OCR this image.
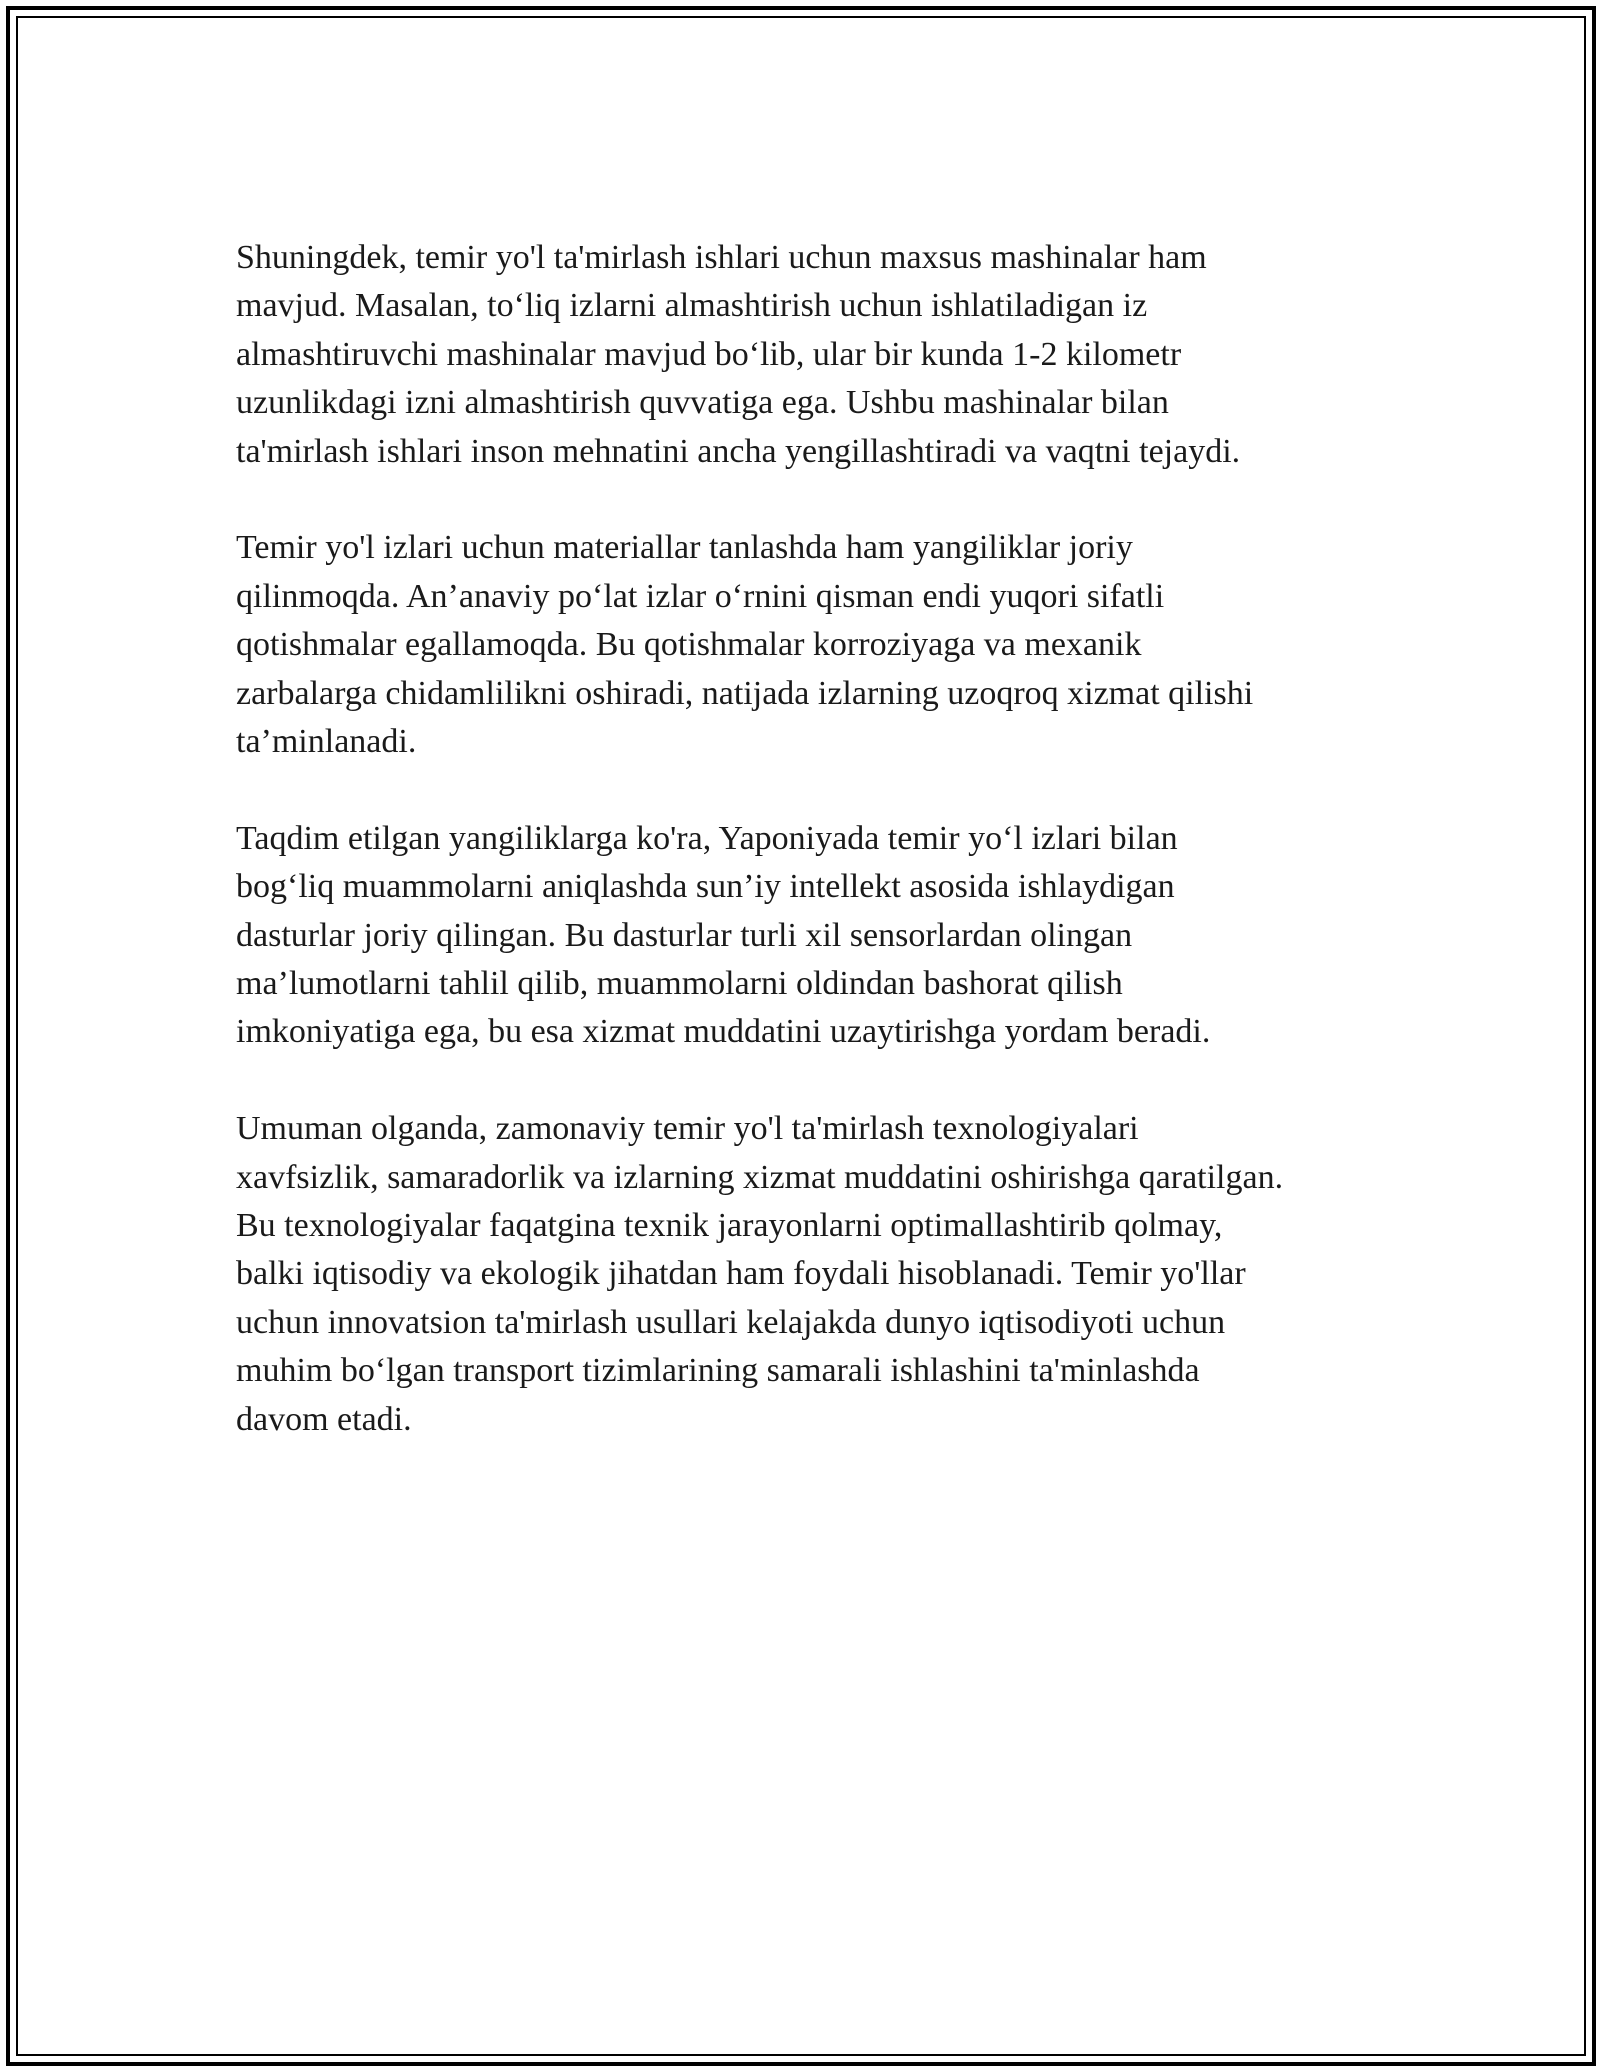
Shuningdek, temir yo'l ta'mirlash ishlari uchun maxsus mashinalar ham
mavjud. Masalan, to‘liq izlarni almashtirish uchun ishlatiladigan iz
almashtiruvchi mashinalar mavjud bo‘lib, ular bir kunda 1-2 kilometr
uzunlikdagi izni almashtirish quvvatiga ega. Ushbu mashinalar bilan
ta'mirlash ishlari inson mehnatini ancha yengillashtiradi va vaqtni tejaydi.
Temir yo'l izlari uchun materiallar tanlashda ham yangiliklar joriy
qilinmoqda. An’anaviy po‘lat izlar o‘rnini qisman endi yuqori sifatli
qotishmalar egallamoqda. Bu qotishmalar korroziyaga va mexanik
zarbalarga chidamlilikni oshiradi, natijada izlarning uzoqroq xizmat qilishi
ta’minlanadi.
Taqdim etilgan yangiliklarga ko'ra, Yaponiyada temir yo‘l izlari bilan
bog‘liq muammolarni aniqlashda sun’iy intellekt asosida ishlaydigan
dasturlar joriy qilingan. Bu dasturlar turli xil sensorlardan olingan
ma’lumotlarni tahlil qilib, muammolarni oldindan bashorat qilish
imkoniyatiga ega, bu esa xizmat muddatini uzaytirishga yordam beradi.
Umuman olganda, zamonaviy temir yo'l ta'mirlash texnologiyalari
xavfsizlik, samaradorlik va izlarning xizmat muddatini oshirishga qaratilgan.
Bu texnologiyalar faqatgina texnik jarayonlarni optimallashtirib qolmay,
balki iqtisodiy va ekologik jihatdan ham foydali hisoblanadi. Temir yo'llar
uchun innovatsion ta'mirlash usullari kelajakda dunyo iqtisodiyoti uchun
muhim bo‘lgan transport tizimlarining samarali ishlashini ta'minlashda
davom etadi.
